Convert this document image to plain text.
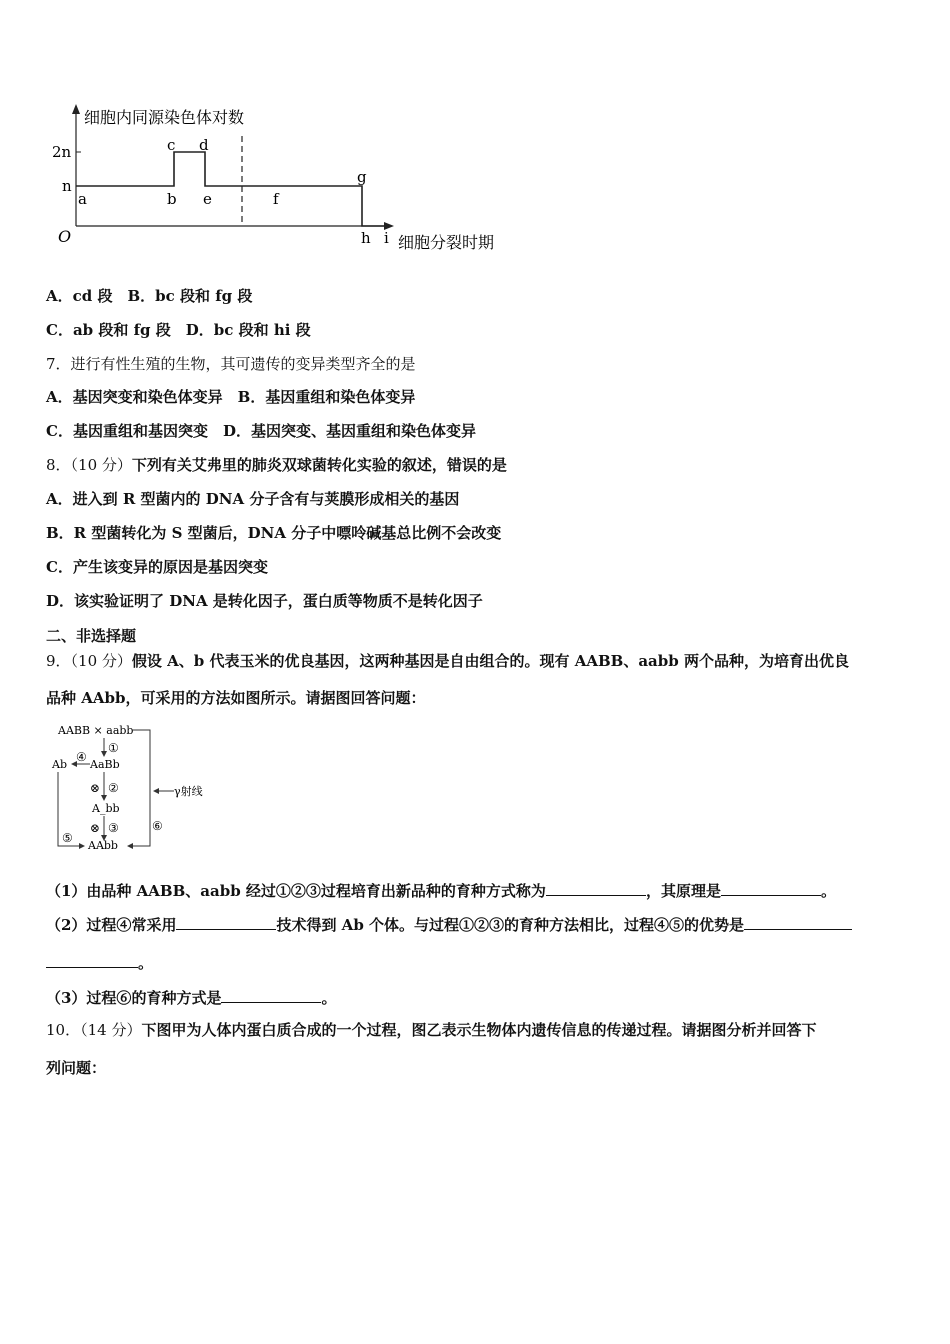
细胞内同源染色体对数
细胞分裂时期
O
2n
n
a	b
c d
e	f
g
h i
A．cd 段　B．bc 段和 fg 段
C．ab 段和 fg 段　D．bc 段和 hi 段
7．进行有性生殖的生物，其可遗传的变异类型齐全的是
A．基因突变和染色体变异　B．基因重组和染色体变异
C．基因重组和基因突变　D．基因突变、基因重组和染色体变异
8．（10 分）下列有关艾弗里的肺炎双球菌转化实验的叙述，错误的是
A．进入到 R 型菌内的 DNA 分子含有与荚膜形成相关的基因
B．R 型菌转化为 S 型菌后，DNA 分子中嘌呤碱基总比例不会改变
C．产生该变异的原因是基因突变
D．该实验证明了 DNA 是转化因子，蛋白质等物质不是转化因子
二、非选择题
9．（10 分）假设 A、b 代表玉米的优良基因，这两种基因是自由组合的。现有 AABB、aabb 两个品种，为培育出优良
品种 AAbb，可采用的方法如图所示。请据图回答问题：
AABB × aabb
①
AaBb
⊗ ②
A_bb
⊗ ③
AAbb
④
Ab
⑤
⑥
γ射线
（1）由品种 AABB、aabb 经过①②③过程培育出新品种的育种方式称为	，其原理是	。
（2）过程④常采用	技术得到 Ab 个体。与过程①②③的育种方法相比，过程④⑤的优势是
。
（3）过程⑥的育种方式是	。
10．（14 分）下图甲为人体内蛋白质合成的一个过程，图乙表示生物体内遗传信息的传递过程。请据图分析并回答下
列问题：
